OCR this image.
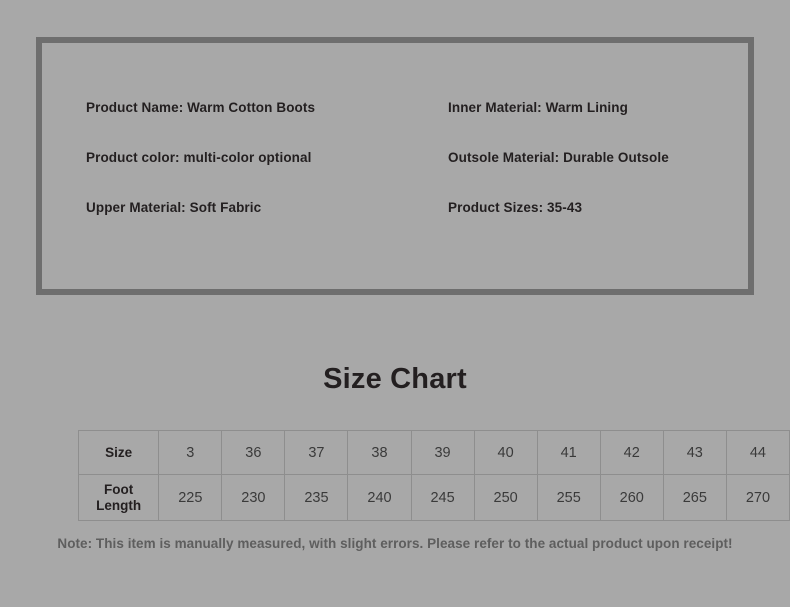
Product Name: Warm Cotton Boots	Inner Material: Warm Lining
Product color: multi-color optional	Outsole Material: Durable Outsole
Upper Material: Soft Fabric	Product Sizes: 35-43
Size Chart
Size	3	36	37	38	39	40	41	42	43	44
Foot
Length	225	230	235	240	245	250	255	260	265	270
Note: This item is manually measured, with slight errors. Please refer to the actual product upon receipt!
